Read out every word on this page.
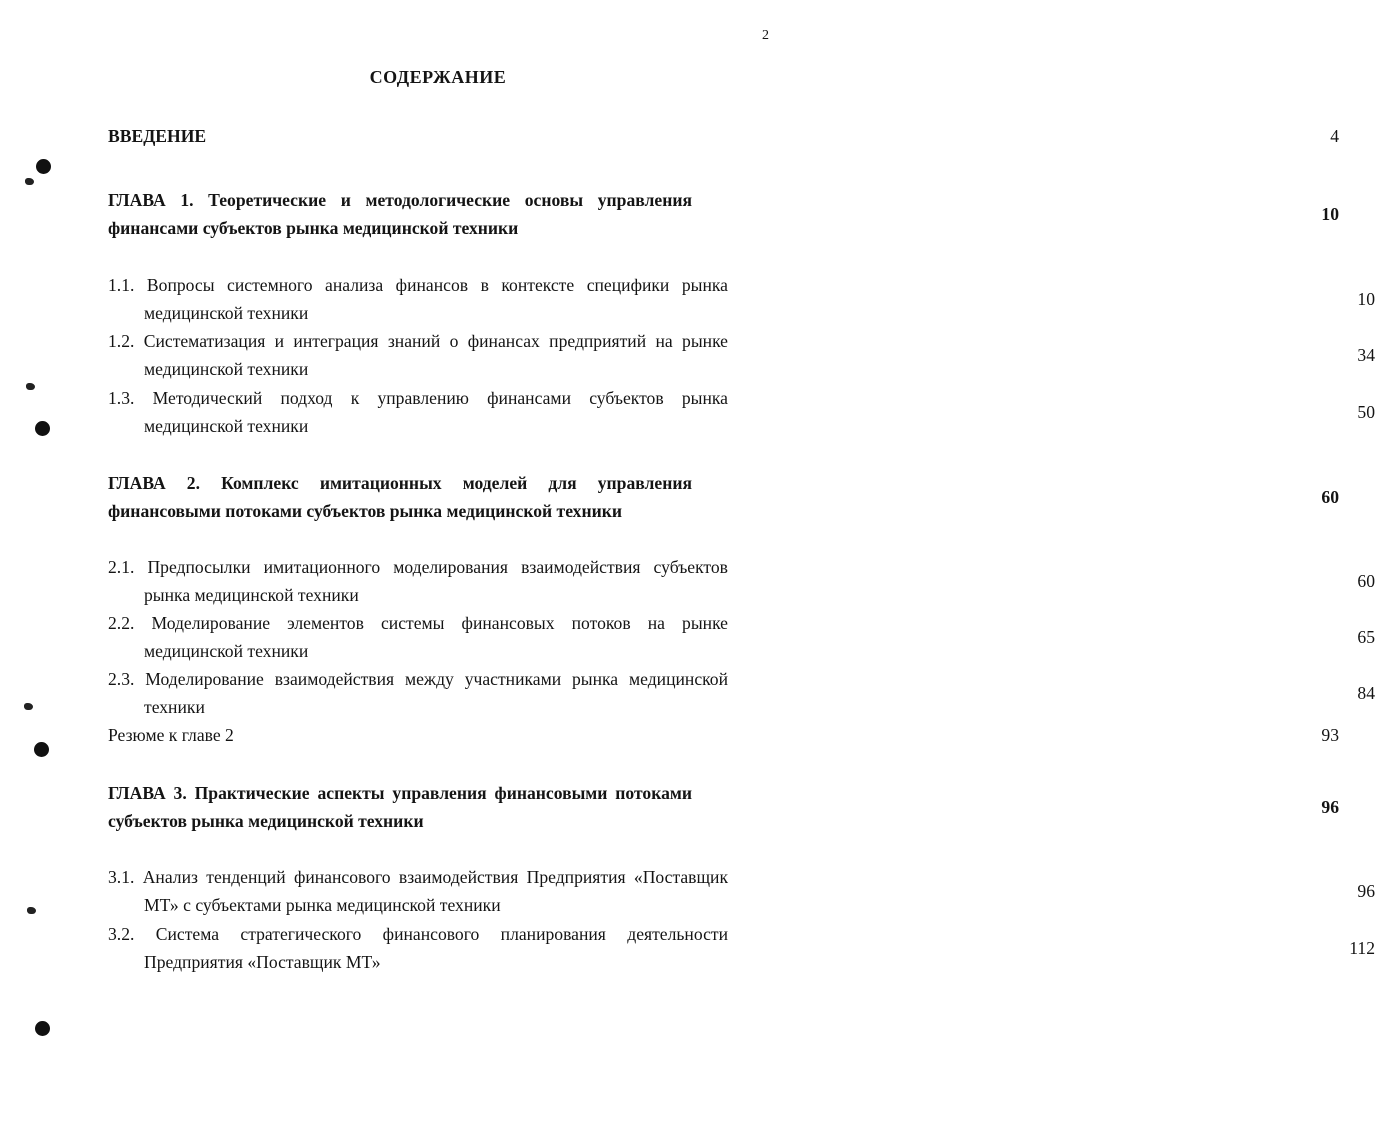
2
СОДЕРЖАНИЕ
ВВЕДЕНИЕ	4
ГЛАВА 1. Теоретические и методологические основы управления финансами субъектов рынка медицинской техники
10
1.1. Вопросы системного анализа финансов в контексте специфики рынка медицинской техники
10
1.2. Систематизация и интеграция знаний о финансах предприятий на рынке медицинской техники
34
1.3. Методический подход к управлению финансами субъектов рынка медицинской техники
50
ГЛАВА 2. Комплекс имитационных моделей для управления финансовыми потоками субъектов рынка медицинской техники
60
2.1. Предпосылки имитационного моделирования взаимодействия субъектов рынка медицинской техники
60
2.2. Моделирование элементов системы финансовых потоков на рынке медицинской техники
65
2.3. Моделирование взаимодействия между участниками рынка медицинской техники
84
Резюме к главе 2	93
ГЛАВА 3. Практические аспекты управления финансовыми потоками субъектов рынка медицинской техники
96
3.1. Анализ тенденций финансового взаимодействия Предприятия «Поставщик МТ» с субъектами рынка медицинской техники
96
3.2. Система стратегического финансового планирования деятельности Предприятия «Поставщик МТ»
112
